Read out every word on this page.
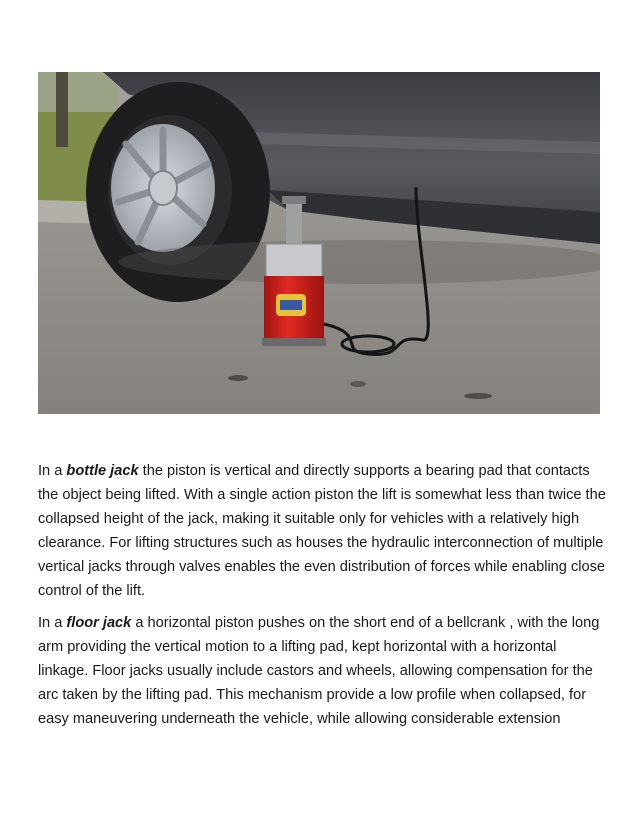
In a bottle jack the piston is vertical and directly supports a bearing pad that contacts the object being lifted. With a single action piston the lift is somewhat less than twice the collapsed height of the jack, making it suitable only for vehicles with a relatively high clearance. For lifting structures such as houses the hydraulic interconnection of multiple vertical jacks through valves enables the even distribution of forces while enabling close control of the lift.

In a floor jack a horizontal piston pushes on the short end of a bellcrank , with the long arm providing the vertical motion to a lifting pad, kept horizontal with a horizontal linkage. Floor jacks usually include castors and wheels, allowing compensation for the arc taken by the lifting pad. This mechanism provide a low profile when collapsed, for easy maneuvering underneath the vehicle, while allowing considerable extension
